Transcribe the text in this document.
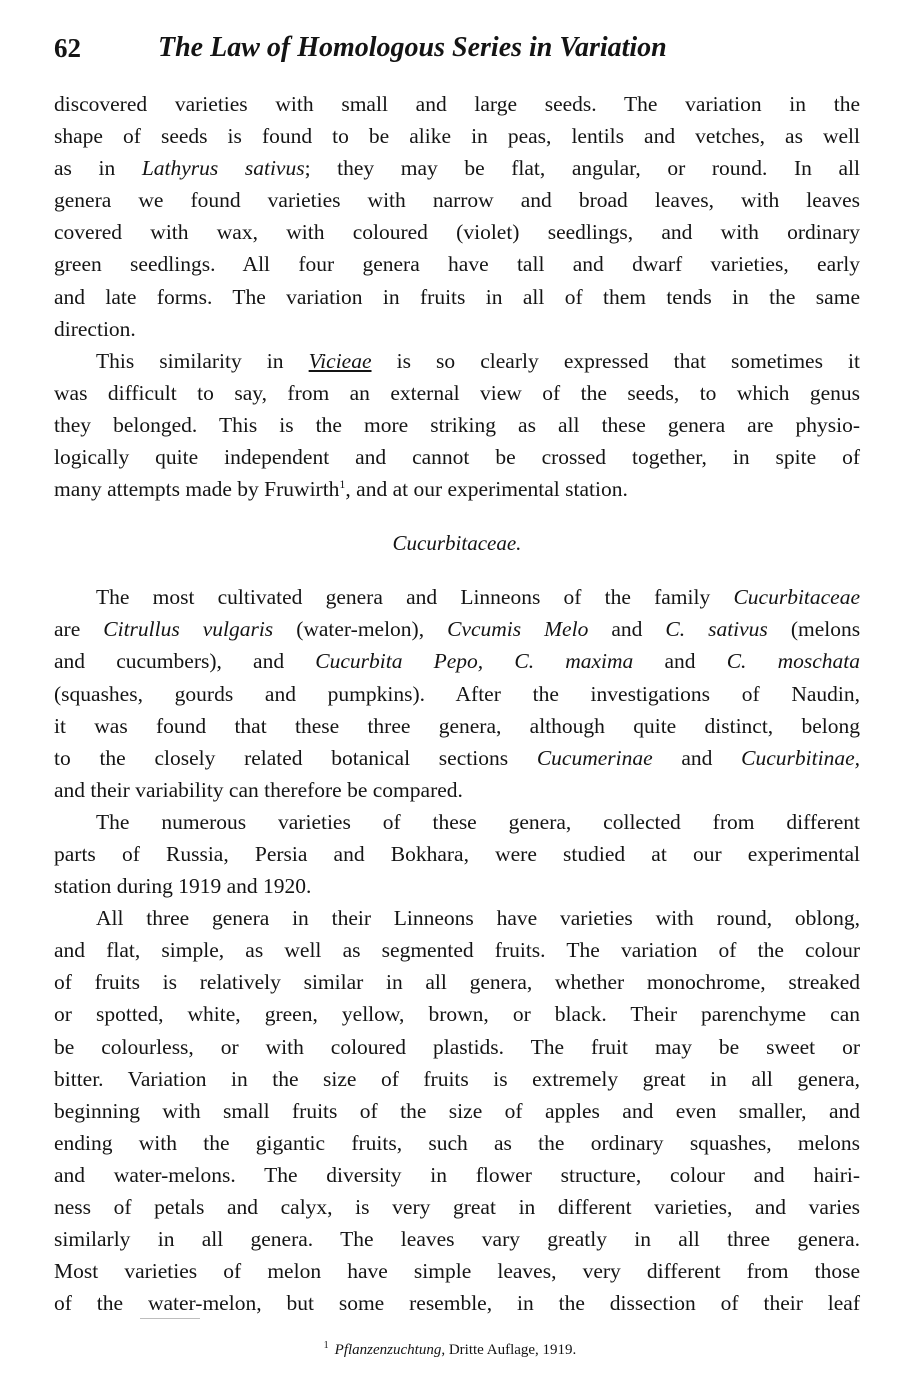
62	The Law of Homologous Series in Variation
discovered varieties with small and large seeds. The variation in the
shape of seeds is found to be alike in peas, lentils and vetches, as well
as in Lathyrus sativus; they may be flat, angular, or round. In all
genera we found varieties with narrow and broad leaves, with leaves
covered with wax, with coloured (violet) seedlings, and with ordinary
green seedlings. All four genera have tall and dwarf varieties, early
and late forms. The variation in fruits in all of them tends in the same
direction.
This similarity in Vicieae is so clearly expressed that sometimes it
was difficult to say, from an external view of the seeds, to which genus
they belonged. This is the more striking as all these genera are physio-
logically quite independent and cannot be crossed together, in spite of
many attempts made by Fruwirth$^1$, and at our experimental station.
Cucurbitaceae.
The most cultivated genera and Linneons of the family Cucurbitaceae
are Citrullus vulgaris (water-melon), Cvcumis Melo and C. sativus (melons
and cucumbers), and Cucurbita Pepo, C. maxima and C. moschata
(squashes, gourds and pumpkins). After the investigations of Naudin,
it was found that these three genera, although quite distinct, belong
to the closely related botanical sections Cucumerinae and Cucurbitinae,
and their variability can therefore be compared.
The numerous varieties of these genera, collected from different
parts of Russia, Persia and Bokhara, were studied at our experimental
station during 1919 and 1920.
All three genera in their Linneons have varieties with round, oblong,
and flat, simple, as well as segmented fruits. The variation of the colour
of fruits is relatively similar in all genera, whether monochrome, streaked
or spotted, white, green, yellow, brown, or black. Their parenchyme can
be colourless, or with coloured plastids. The fruit may be sweet or
bitter. Variation in the size of fruits is extremely great in all genera,
beginning with small fruits of the size of apples and even smaller, and
ending with the gigantic fruits, such as the ordinary squashes, melons
and water-melons. The diversity in flower structure, colour and hairi-
ness of petals and calyx, is very great in different varieties, and varies
similarly in all genera. The leaves vary greatly in all three genera.
Most varieties of melon have simple leaves, very different from those
of the water-melon, but some resemble, in the dissection of their leaf
$^1$ Pflanzenzuchtung, Dritte Auflage, 1919.
